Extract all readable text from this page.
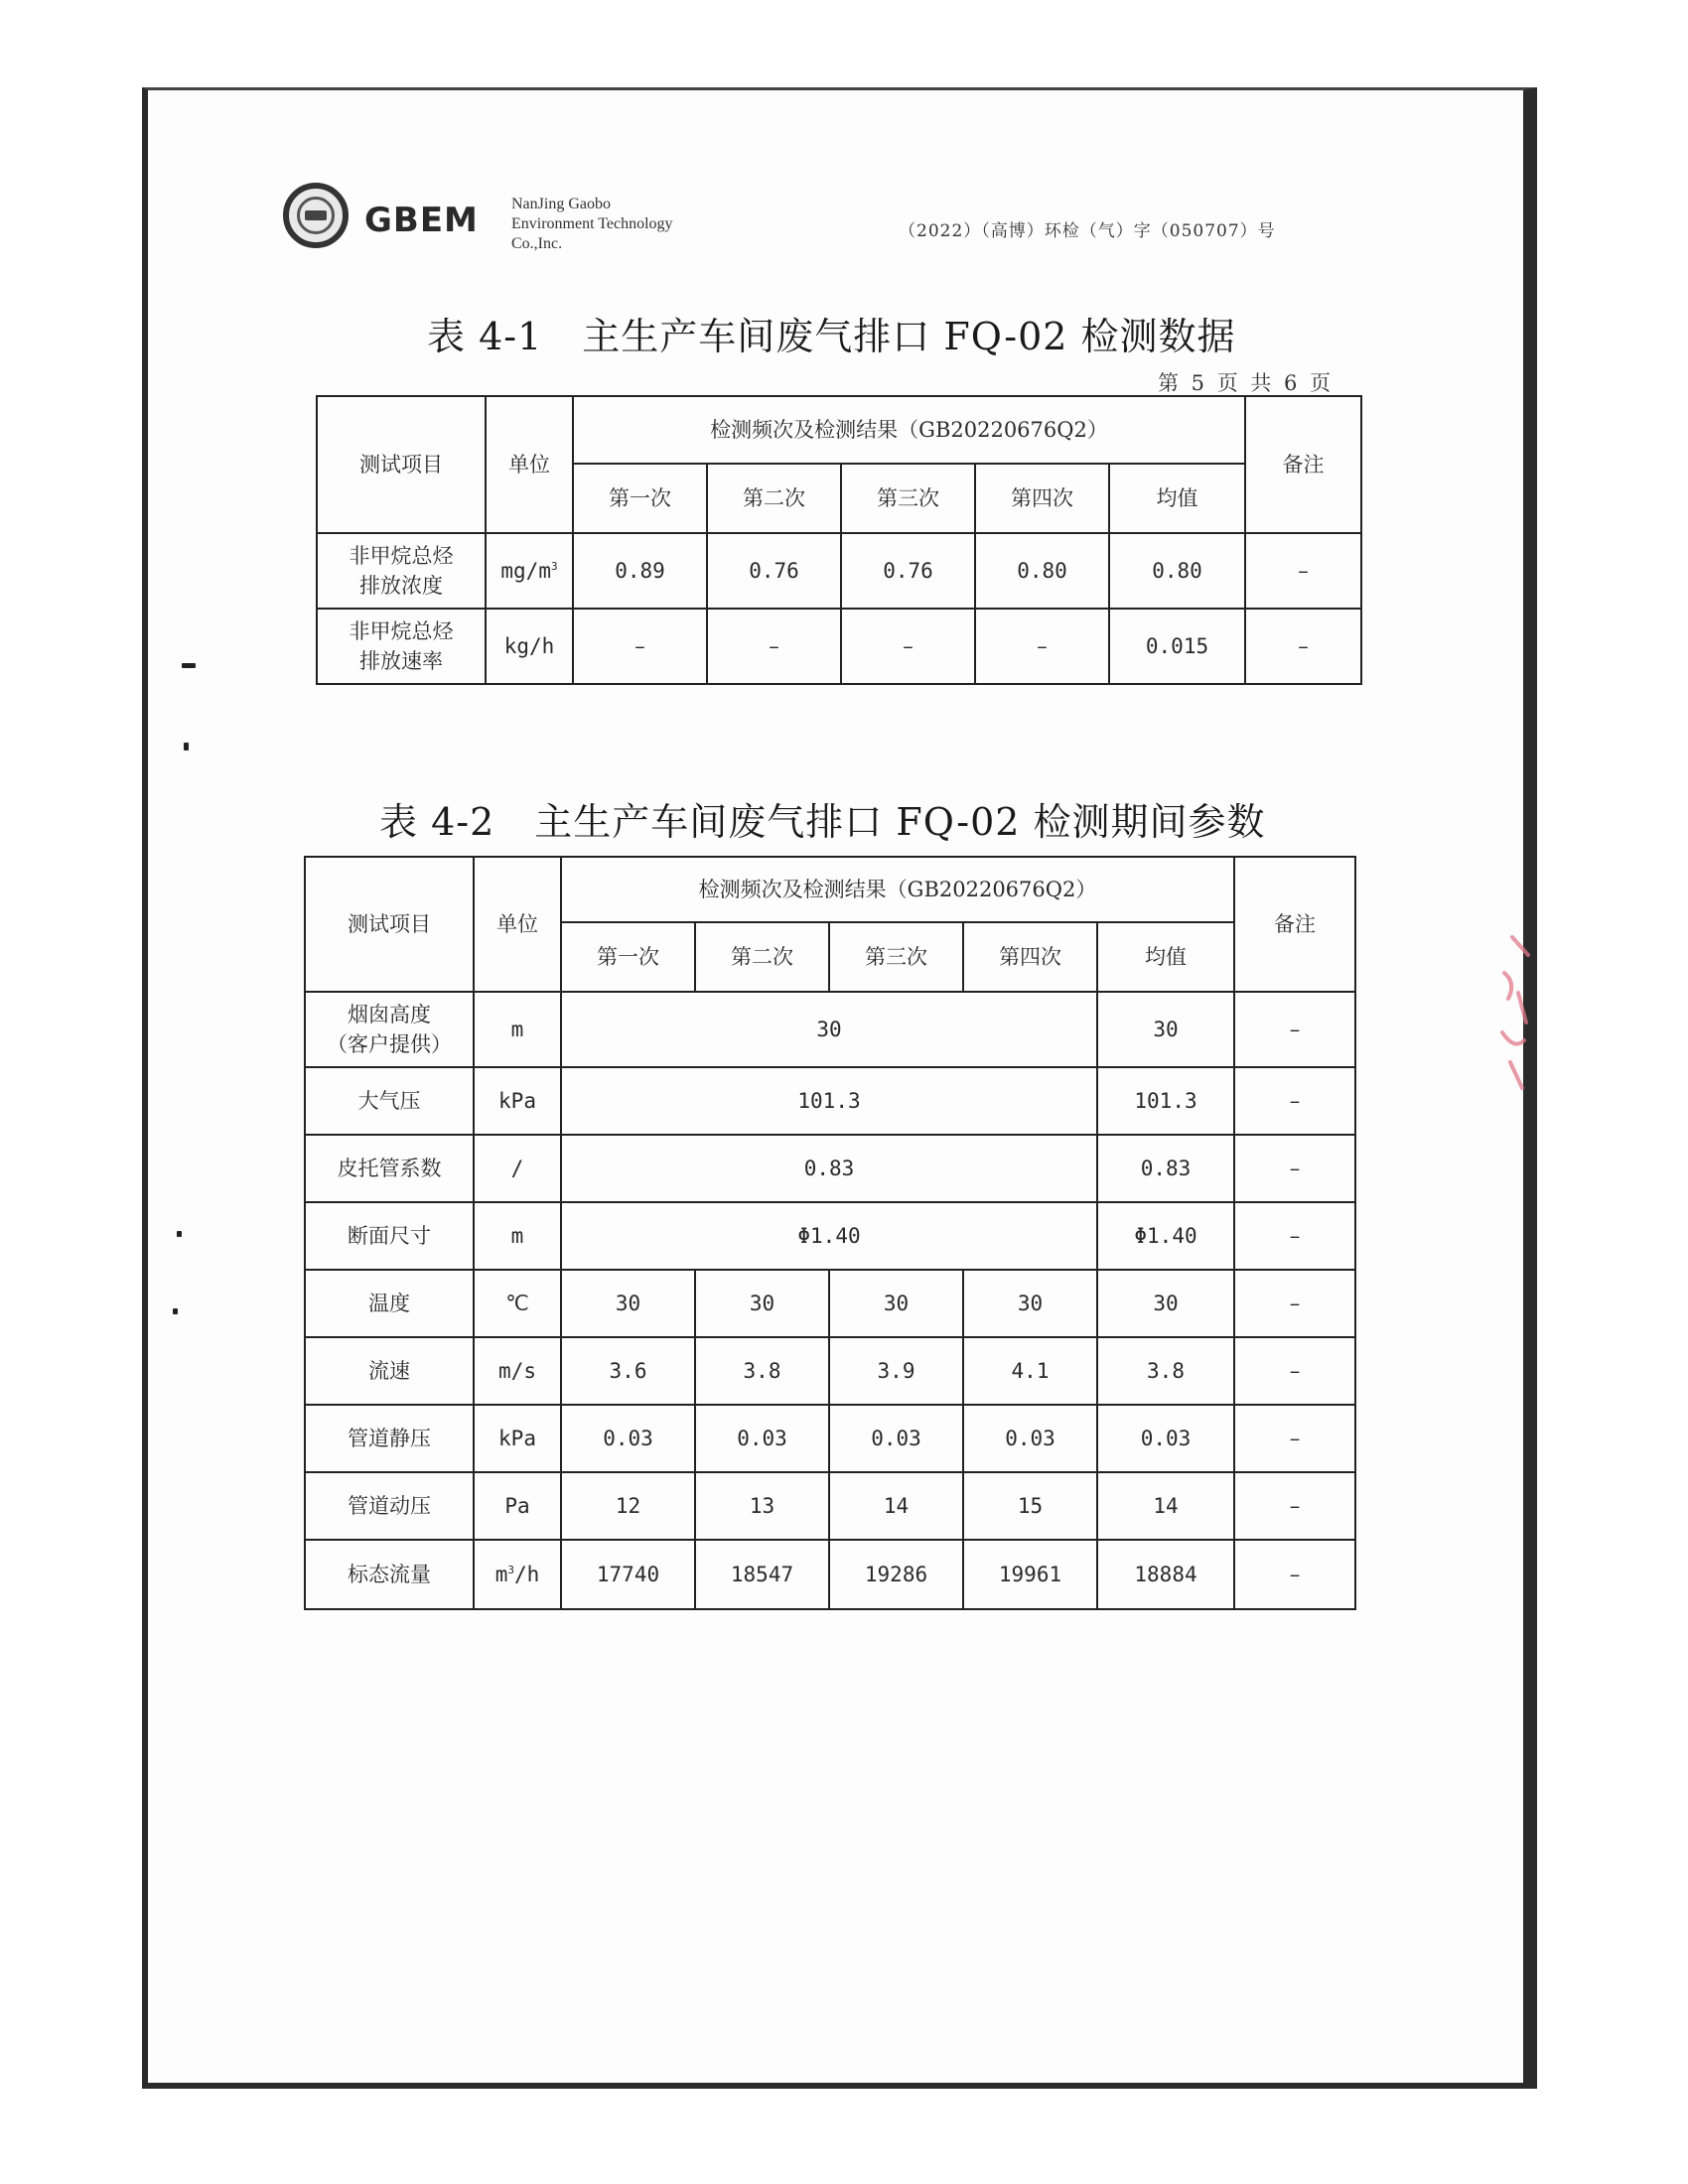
GBEM NanJing Gaobo
Environment Technology
Co.,Inc.
（2022）（高博）环检（气）字（050707）号
表 4-1 主生产车间废气排口 FQ-02 检测数据
第 5 页 共 6 页
测试项目	单位	检测频次及检测结果（GB20220676Q2）					备注
		第一次	第二次	第三次	第四次	均值	

非甲烷总烃
排放浓度	$mg/m^3$	0.89	0.76	0.76	0.80	0.80	–

非甲烷总烃
排放速率	kg/h	–	–	–	–	0.015	–
表 4-2 主生产车间废气排口 FQ-02 检测期间参数
测试项目	单位	检测频次及检测结果（GB20220676Q2）					备注
		第一次	第二次	第三次	第四次	均值	

烟囱高度
（客户提供）	m	30				30	–
大气压	kPa	101.3				101.3	–
皮托管系数	/	0.83				0.83	–
断面尺寸	m	Φ1.40				Φ1.40	–
温度	℃	30	30	30	30	30	–
流速	m/s	3.6	3.8	3.9	4.1	3.8	–
管道静压	kPa	0.03	0.03	0.03	0.03	0.03	–
管道动压	Pa	12	13	14	15	14	–
标态流量	$m^3/h$	17740	18547	19286	19961	18884	–
